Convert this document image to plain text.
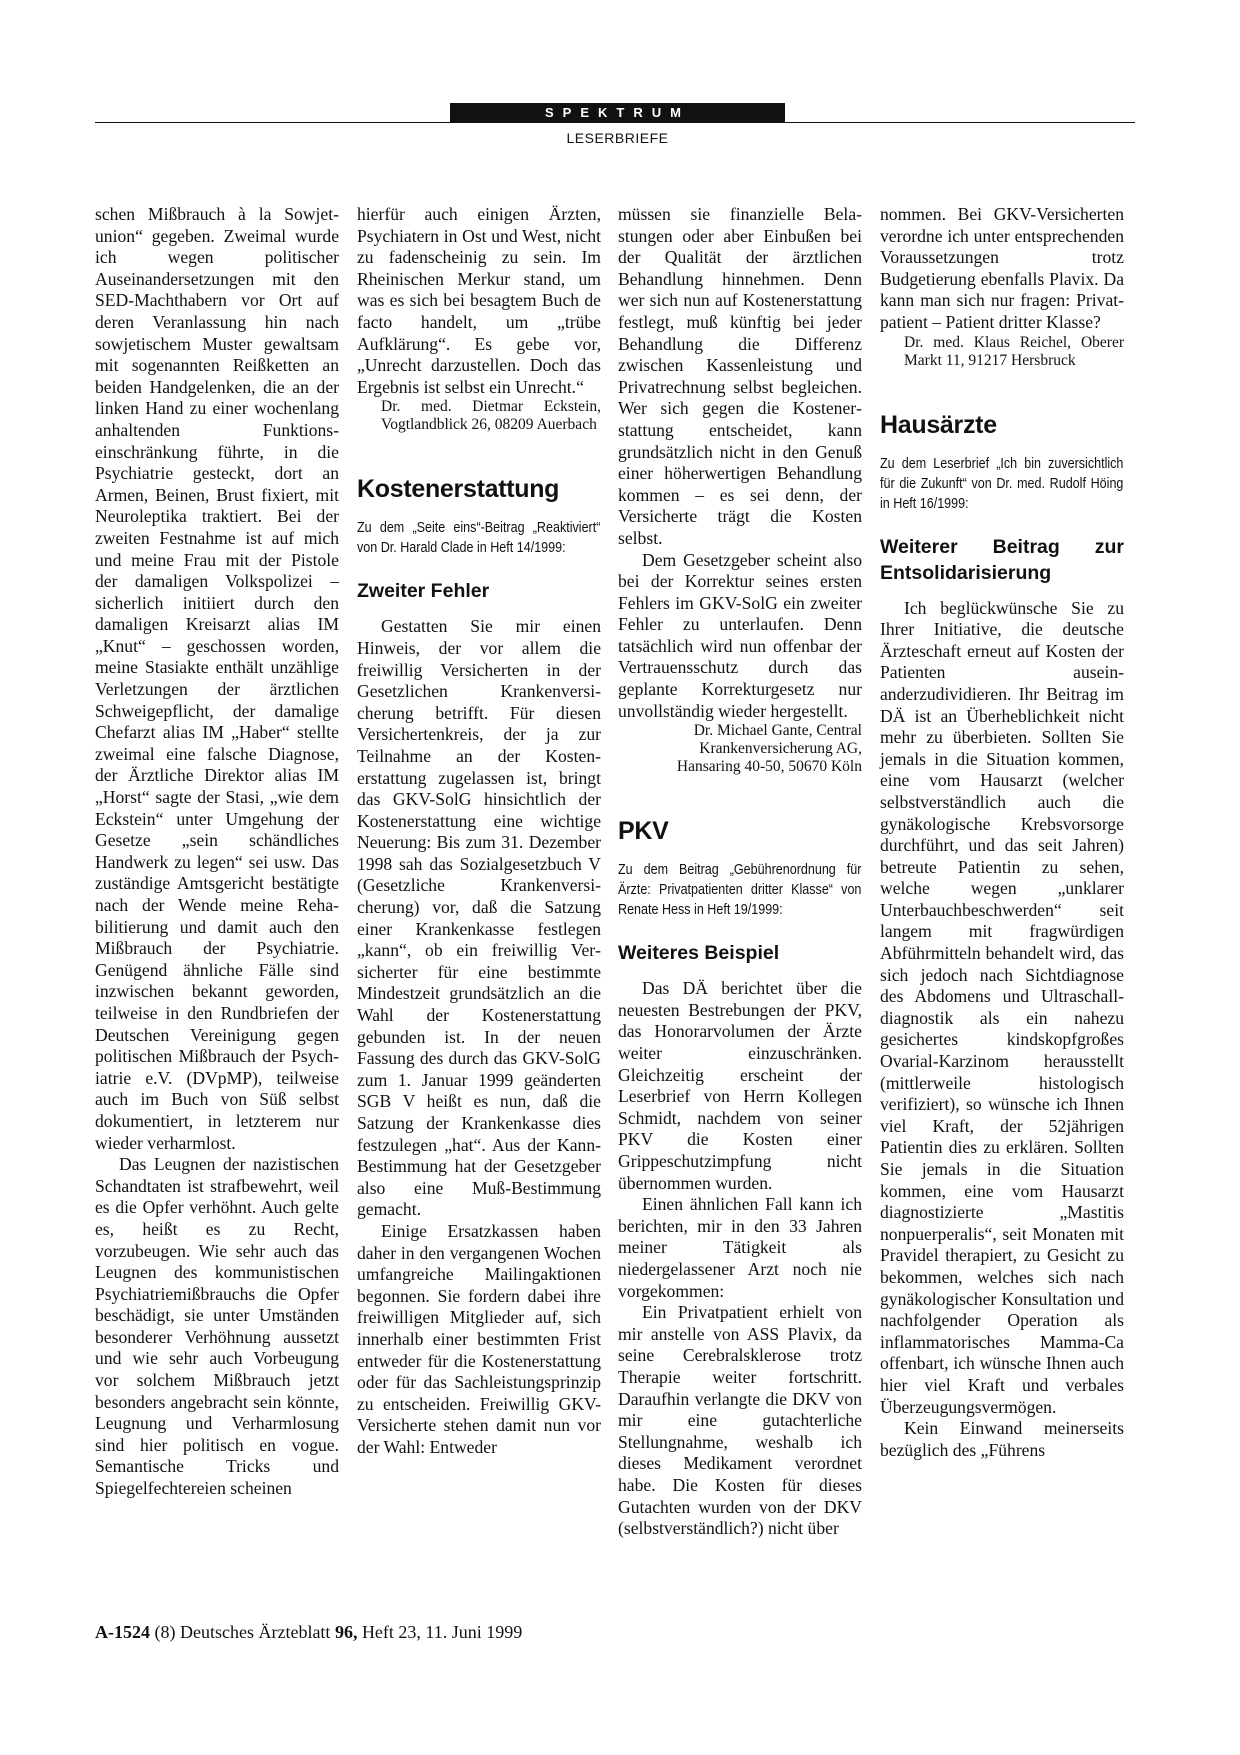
SPEKTRUM
LESERBRIEFE

schen Mißbrauch à la Sowjetunion“ gegeben. Zweimal wurde ich wegen politischer Auseinandersetzungen mit den SED-Machthabern vor Ort auf deren Veranlassung hin nach sowjetischem Muster gewaltsam mit sogenannten Reißketten an beiden Handgelenken, die an der linken Hand zu einer wochenlang anhaltenden Funktionseinschränkung führte, in die Psychiatrie gesteckt, dort an Armen, Beinen, Brust fixiert, mit Neuroleptika traktiert. Bei der zweiten Festnahme ist auf mich und meine Frau mit der Pistole der damaligen Volkspolizei – sicherlich initiiert durch den damaligen Kreisarzt alias IM „Knut“ – geschossen worden, meine Stasiakte enthält unzählige Verletzungen der ärztlichen Schweigepflicht, der damalige Chefarzt alias IM „Haber“ stellte zweimal eine falsche Diagnose, der Ärztliche Direktor alias IM „Horst“ sagte der Stasi, „wie dem Eckstein“ unter Umgehung der Gesetze „sein schändliches Handwerk zu legen“ sei usw. Das zuständige Amtsgericht bestätigte nach der Wende meine Rehabilitierung und damit auch den Mißbrauch der Psychiatrie. Genügend ähnliche Fälle sind inzwischen bekannt geworden, teilweise in den Rundbriefen der Deutschen Vereinigung gegen politischen Mißbrauch der Psychiatrie e.V. (DVpMP), teilweise auch im Buch von Süß selbst dokumentiert, in letzterem nur wieder verharmlost.

Das Leugnen der nazistischen Schandtaten ist strafbewehrt, weil es die Opfer verhöhnt. Auch gelte es, heißt es zu Recht, vorzubeugen. Wie sehr auch das Leugnen des kommunistischen Psychiatriemißbrauchs die Opfer beschädigt, sie unter Umständen besonderer Verhöhnung aussetzt und wie sehr auch Vorbeugung vor solchem Mißbrauch jetzt besonders angebracht sein könnte, Leugnung und Verharmlosung sind hier politisch en vogue. Semantische Tricks und Spiegelfechtereien scheinen

hierfür auch einigen Ärzten, Psychiatern in Ost und West, nicht zu fadenscheinig zu sein. Im Rheinischen Merkur stand, um was es sich bei besagtem Buch de facto handelt, um „trübe Aufklärung“. Es gebe vor, „Unrecht darzustellen. Doch das Ergebnis ist selbst ein Unrecht.“

Dr. med. Dietmar Eckstein, Vogtlandblick 26, 08209 Auerbach

Kostenerstattung

Zu dem „Seite eins“-Beitrag „Reaktiviert“ von Dr. Harald Clade in Heft 14/1999:

Zweiter Fehler

Gestatten Sie mir einen Hinweis, der vor allem die freiwillig Versicherten in der Gesetzlichen Krankenversicherung betrifft. Für diesen Versichertenkreis, der ja zur Teilnahme an der Kostenerstattung zugelassen ist, bringt das GKV-SolG hinsichtlich der Kostenerstattung eine wichtige Neuerung: Bis zum 31. Dezember 1998 sah das Sozialgesetzbuch V (Gesetzliche Krankenversicherung) vor, daß die Satzung einer Krankenkasse festlegen „kann“, ob ein freiwillig Versicherter für eine bestimmte Mindestzeit grundsätzlich an die Wahl der Kostenerstattung gebunden ist. In der neuen Fassung des durch das GKV-SolG zum 1. Januar 1999 geänderten SGB V heißt es nun, daß die Satzung der Krankenkasse dies festzulegen „hat“. Aus der Kann-Bestimmung hat der Gesetzgeber also eine Muß-Bestimmung gemacht.

Einige Ersatzkassen haben daher in den vergangenen Wochen umfangreiche Mailingaktionen begonnen. Sie fordern dabei ihre freiwilligen Mitglieder auf, sich innerhalb einer bestimmten Frist entweder für die Kostenerstattung oder für das Sachleistungsprinzip zu entscheiden. Freiwillig GKV-Versicherte stehen damit nun vor der Wahl: Entweder

müssen sie finanzielle Belastungen oder aber Einbußen bei der Qualität der ärztlichen Behandlung hinnehmen. Denn wer sich nun auf Kostenerstattung festlegt, muß künftig bei jeder Behandlung die Differenz zwischen Kassenleistung und Privatrechnung selbst begleichen. Wer sich gegen die Kostenerstattung entscheidet, kann grundsätzlich nicht in den Genuß einer höherwertigen Behandlung kommen – es sei denn, der Versicherte trägt die Kosten selbst.

Dem Gesetzgeber scheint also bei der Korrektur seines ersten Fehlers im GKV-SolG ein zweiter Fehler zu unterlaufen. Denn tatsächlich wird nun offenbar der Vertrauensschutz durch das geplante Korrekturgesetz nur unvollständig wieder hergestellt.

Dr. Michael Gante, Central Krankenversicherung AG, Hansaring 40-50, 50670 Köln

PKV

Zu dem Beitrag „Gebührenordnung für Ärzte: Privatpatienten dritter Klasse“ von Renate Hess in Heft 19/1999:

Weiteres Beispiel

Das DÄ berichtet über die neuesten Bestrebungen der PKV, das Honorarvolumen der Ärzte weiter einzuschränken. Gleichzeitig erscheint der Leserbrief von Herrn Kollegen Schmidt, nachdem von seiner PKV die Kosten einer Grippeschutzimpfung nicht übernommen wurden.

Einen ähnlichen Fall kann ich berichten, mir in den 33 Jahren meiner Tätigkeit als niedergelassener Arzt noch nie vorgekommen:

Ein Privatpatient erhielt von mir anstelle von ASS Plavix, da seine Cerebralsklerose trotz Therapie weiter fortschritt. Daraufhin verlangte die DKV von mir eine gutachterliche Stellungnahme, weshalb ich dieses Medikament verordnet habe. Die Kosten für dieses Gutachten wurden von der DKV (selbstverständlich?) nicht über

nommen. Bei GKV-Versicherten verordne ich unter entsprechenden Voraussetzungen trotz Budgetierung ebenfalls Plavix. Da kann man sich nur fragen: Privatpatient – Patient dritter Klasse?

Dr. med. Klaus Reichel, Oberer Markt 11, 91217 Hersbruck

Hausärzte

Zu dem Leserbrief „Ich bin zuversichtlich für die Zukunft“ von Dr. med. Rudolf Höing in Heft 16/1999:

Weiterer Beitrag zur Entsolidarisierung

Ich beglückwünsche Sie zu Ihrer Initiative, die deutsche Ärzteschaft erneut auf Kosten der Patienten auseinanderzudividieren. Ihr Beitrag im DÄ ist an Überheblichkeit nicht mehr zu überbieten. Sollten Sie jemals in die Situation kommen, eine vom Hausarzt (welcher selbstverständlich auch die gynäkologische Krebsvorsorge durchführt, und das seit Jahren) betreute Patientin zu sehen, welche wegen „unklarer Unterbauchbeschwerden“ seit langem mit fragwürdigen Abführmitteln behandelt wird, das sich jedoch nach Sichtdiagnose des Abdomens und Ultraschalldiagnostik als ein nahezu gesichertes kindskopfgroßes Ovarial-Karzinom herausstellt (mittlerweile histologisch verifiziert), so wünsche ich Ihnen viel Kraft, der 52jährigen Patientin dies zu erklären. Sollten Sie jemals in die Situation kommen, eine vom Hausarzt diagnostizierte „Mastitis nonpuerperalis“, seit Monaten mit Pravidel therapiert, zu Gesicht zu bekommen, welches sich nach gynäkologischer Konsultation und nachfolgender Operation als inflammatorisches Mamma-Ca offenbart, ich wünsche Ihnen auch hier viel Kraft und verbales Überzeugungsvermögen.

Kein Einwand meinerseits bezüglich des „Führens

A-1524 (8) Deutsches Ärzteblatt 96, Heft 23, 11. Juni 1999
